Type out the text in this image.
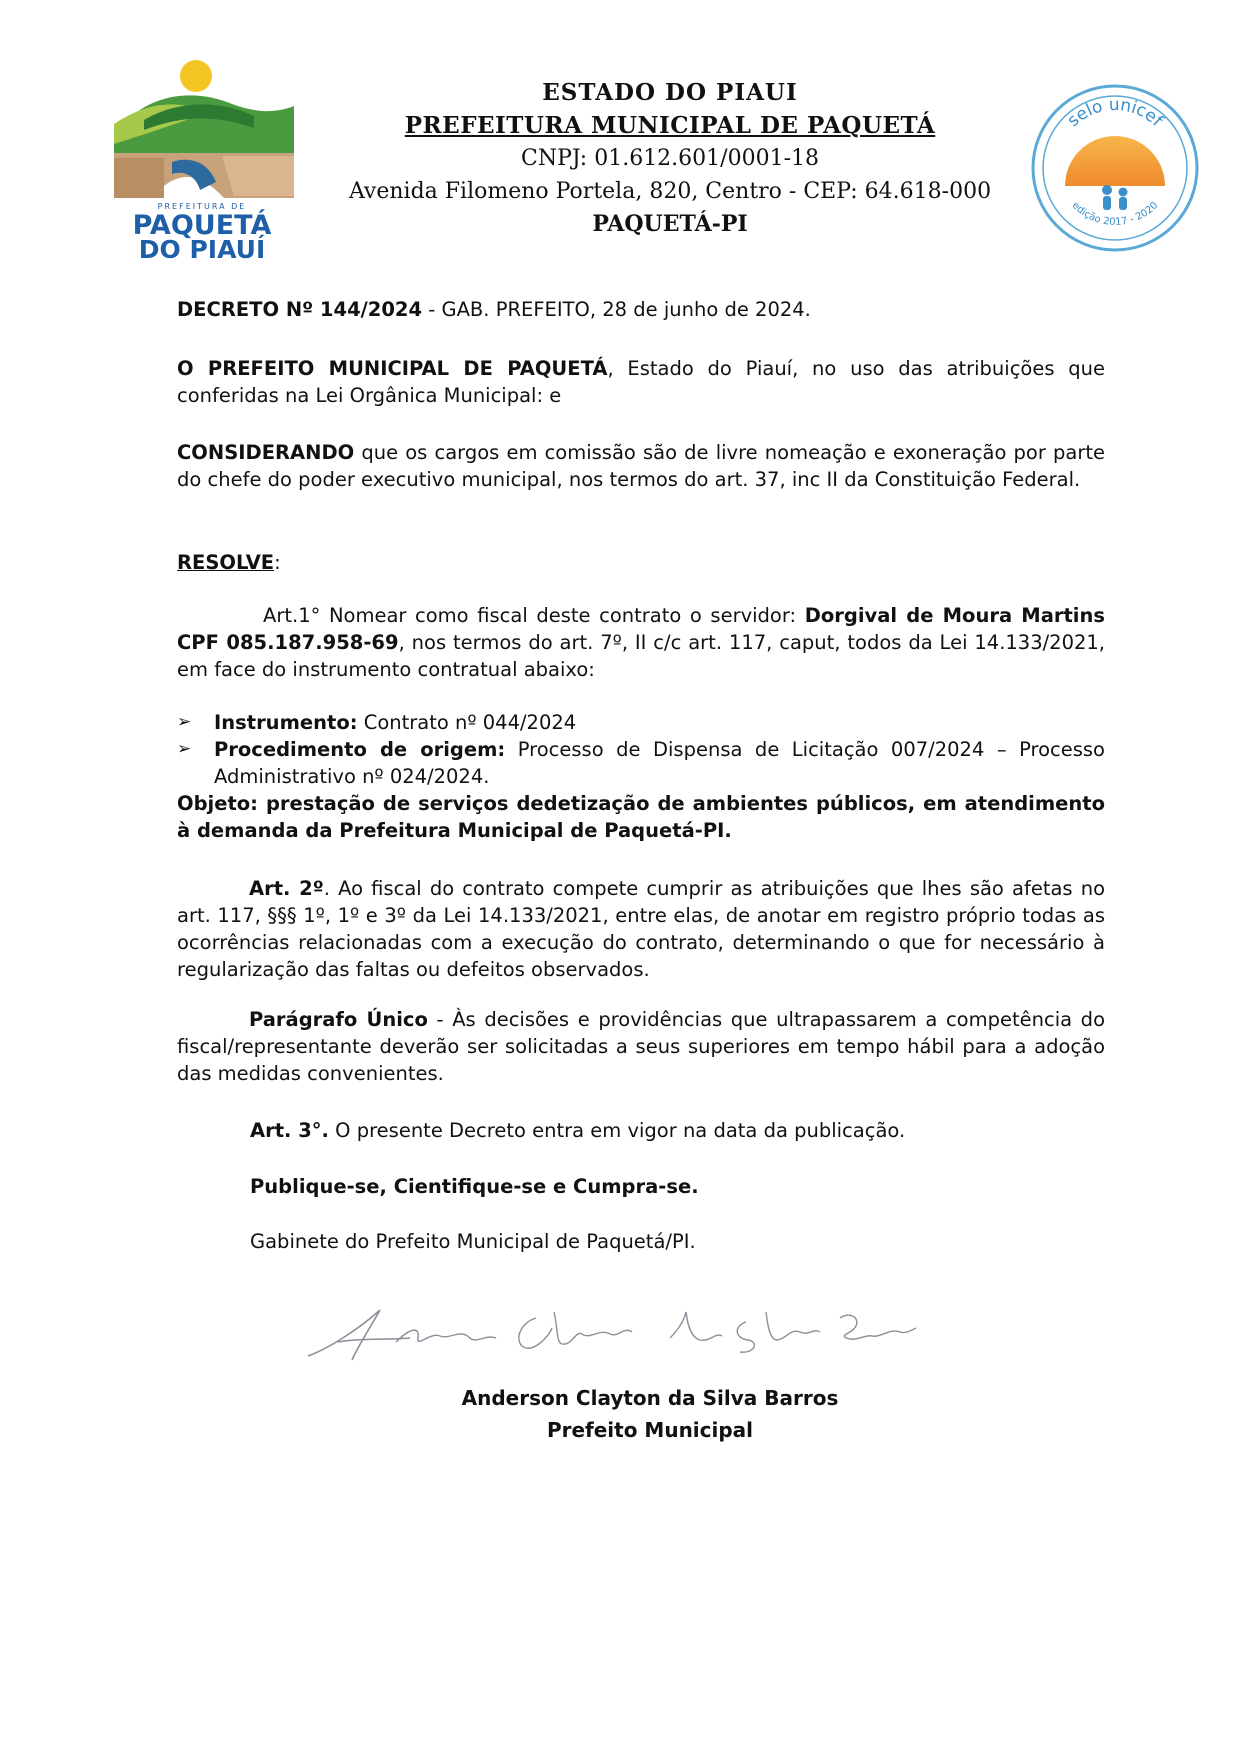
PREFEITURA DE
PAQUETÁ
DO PIAUÍ
ESTADO DO PIAUI
PREFEITURA MUNICIPAL DE PAQUETÁ
CNPJ: 01.612.601/0001-18
Avenida Filomeno Portela, 820, Centro - CEP: 64.618-000
PAQUETÁ-PI
selo unicef
edição 2017 - 2020
DECRETO Nº 144/2024 - GAB. PREFEITO, 28 de junho de 2024.
O PREFEITO MUNICIPAL DE PAQUETÁ, Estado do Piauí, no uso das atribuições que conferidas na Lei Orgânica Municipal: e
CONSIDERANDO que os cargos em comissão são de livre nomeação e exoneração por parte do chefe do poder executivo municipal, nos termos do art. 37, inc II da Constituição Federal.
RESOLVE:
Art.1° Nomear como fiscal deste contrato o servidor: Dorgival de Moura Martins CPF 085.187.958-69, nos termos do art. 7º, II c/c art. 117, caput, todos da Lei 14.133/2021, em face do instrumento contratual abaixo:
➢	Instrumento: Contrato nº 044/2024
➢	Procedimento de origem: Processo de Dispensa de Licitação 007/2024 – Processo Administrativo nº 024/2024.
Objeto: prestação de serviços dedetização de ambientes públicos, em atendimento à demanda da Prefeitura Municipal de Paquetá-PI.
Art. 2º. Ao fiscal do contrato compete cumprir as atribuições que lhes são afetas no art. 117, §§§ 1º, 1º e 3º da Lei 14.133/2021, entre elas, de anotar em registro próprio todas as ocorrências relacionadas com a execução do contrato, determinando o que for necessário à regularização das faltas ou defeitos observados.
Parágrafo Único - Às decisões e providências que ultrapassarem a competência do fiscal/representante deverão ser solicitadas a seus superiores em tempo hábil para a adoção das medidas convenientes.
Art. 3°. O presente Decreto entra em vigor na data da publicação.
Publique-se, Cientifique-se e Cumpra-se.
Gabinete do Prefeito Municipal de Paquetá/PI.
Anderson Clayton da Silva Barros
Prefeito Municipal
